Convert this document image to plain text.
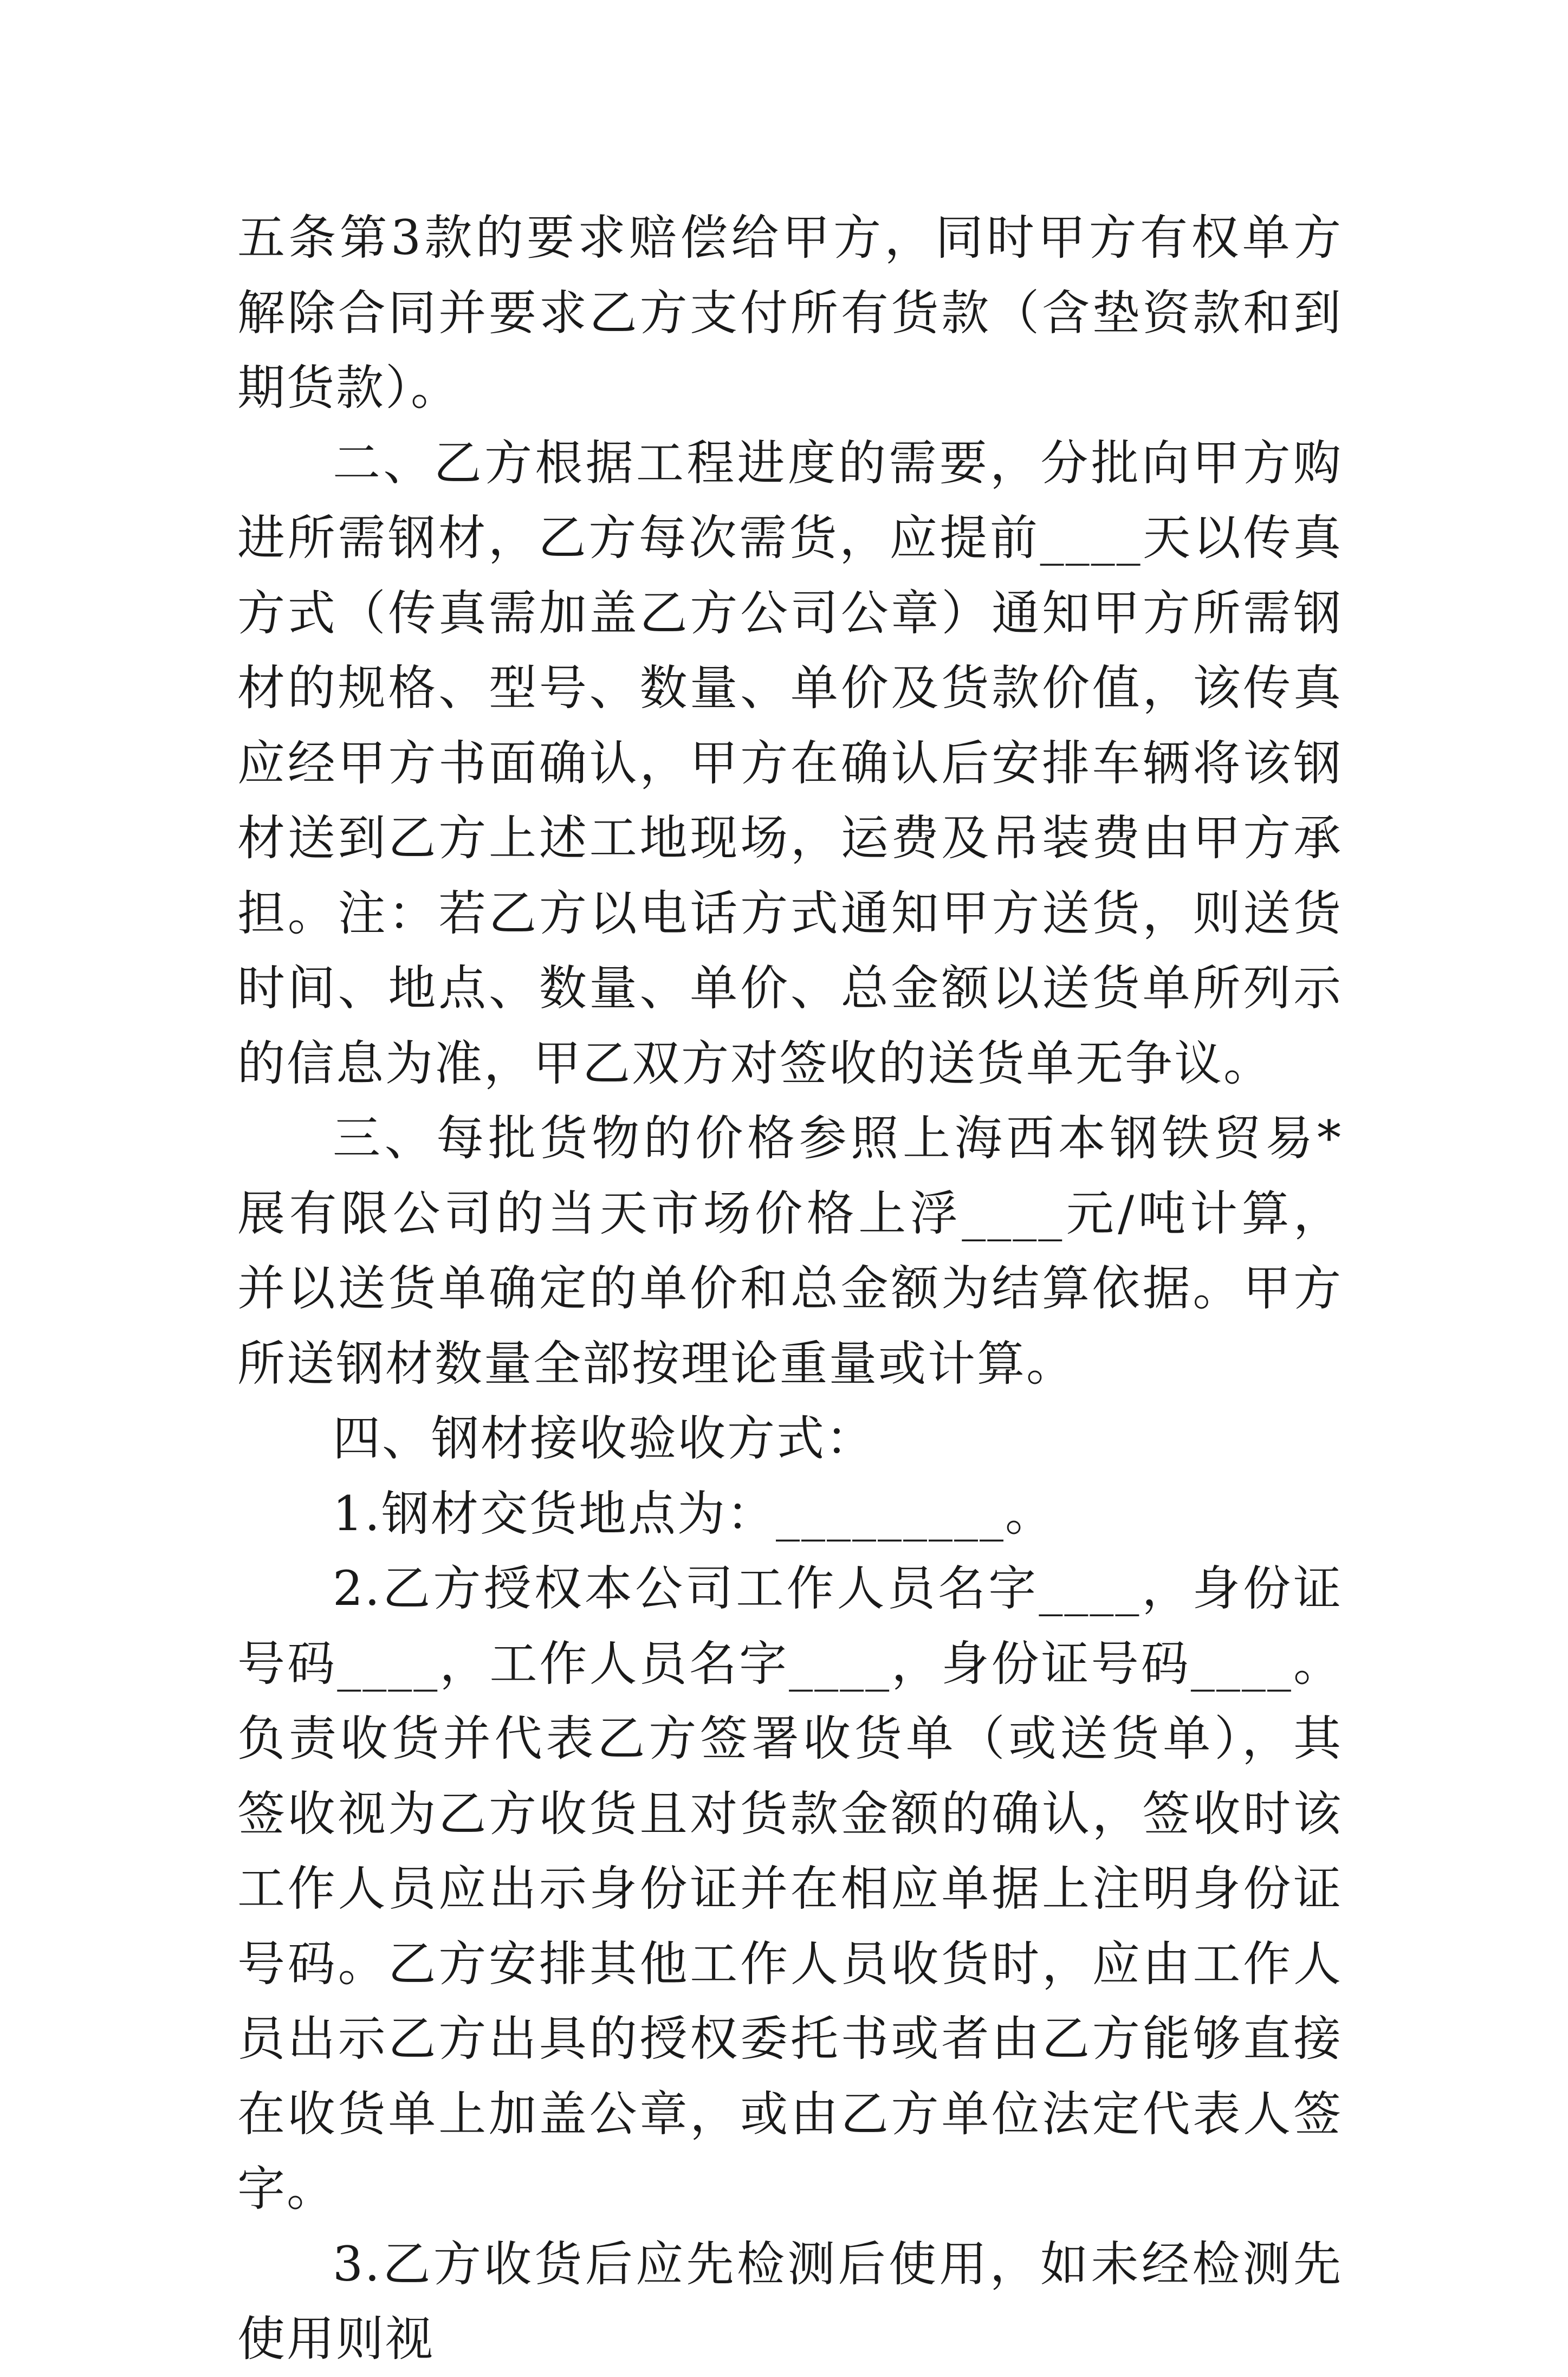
五条第3款的要求赔偿给甲方，同时甲方有权单方解除合同并要求乙方支付所有货款（含垫资款和到期货款）。

二、乙方根据工程进度的需要，分批向甲方购进所需钢材，乙方每次需货，应提前____天以传真方式（传真需加盖乙方公司公章）通知甲方所需钢材的规格、型号、数量、单价及货款价值，该传真应经甲方书面确认，甲方在确认后安排车辆将该钢材送到乙方上述工地现场，运费及吊装费由甲方承担。注：若乙方以电话方式通知甲方送货，则送货时间、地点、数量、单价、总金额以送货单所列示的信息为准，甲乙双方对签收的送货单无争议。

三、每批货物的价格参照上海西本钢铁贸易*展有限公司的当天市场价格上浮____元/吨计算，并以送货单确定的单价和总金额为结算依据。甲方所送钢材数量全部按理论重量或计算。

四、钢材接收验收方式：

1.钢材交货地点为：_________。

2.乙方授权本公司工作人员名字____，身份证号码____，工作人员名字____，身份证号码____。负责收货并代表乙方签署收货单（或送货单），其签收视为乙方收货且对货款金额的确认，签收时该工作人员应出示身份证并在相应单据上注明身份证号码。乙方安排其他工作人员收货时，应由工作人员出示乙方出具的授权委托书或者由乙方能够直接在收货单上加盖公章，或由乙方单位法定代表人签字。

3.乙方收货后应先检测后使用，如未经检测先使用则视
